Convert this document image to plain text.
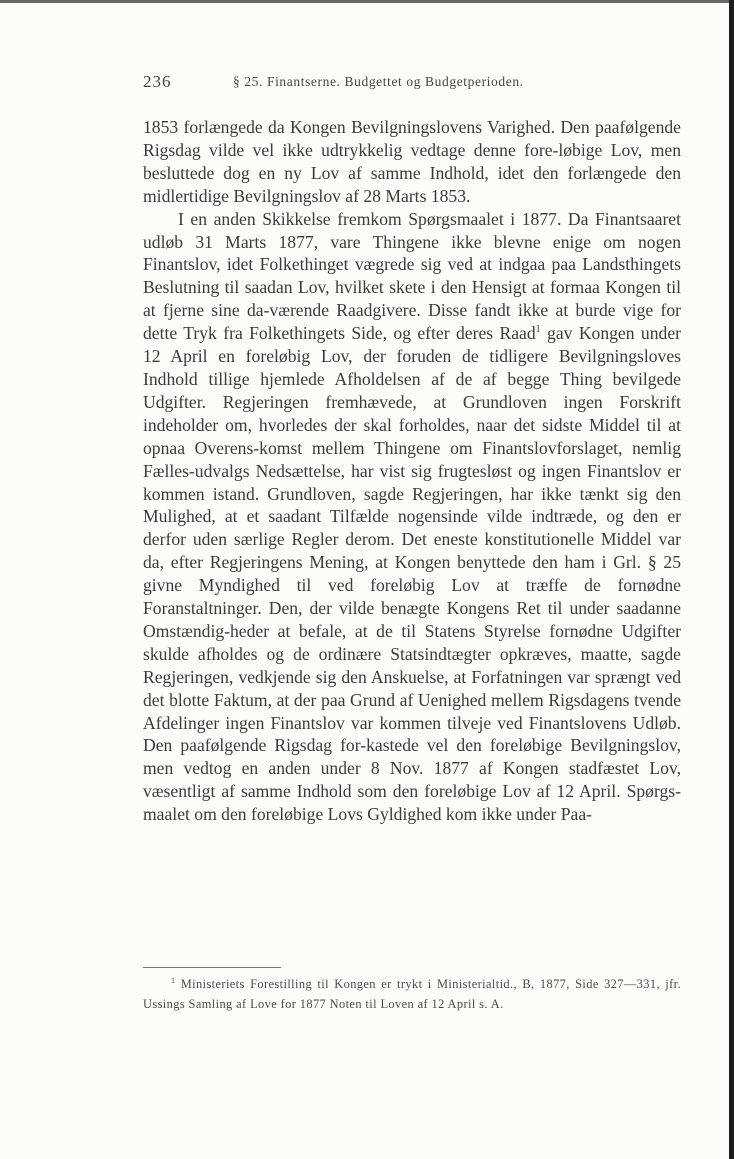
236	§ 25. Finantserne. Budgettet og Budgetperioden.

1853 forlængede da Kongen Bevilgningslovens Varighed. Den paafølgende Rigsdag vilde vel ikke udtrykkelig vedtage denne fore-løbige Lov, men besluttede dog en ny Lov af samme Indhold, idet den forlængede den midlertidige Bevilgningslov af 28 Marts 1853.

I en anden Skikkelse fremkom Spørgsmaalet i 1877. Da Finantsaaret udløb 31 Marts 1877, vare Thingene ikke blevne enige om nogen Finantslov, idet Folkethinget vægrede sig ved at indgaa paa Landsthingets Beslutning til saadan Lov, hvilket skete i den Hensigt at formaa Kongen til at fjerne sine da-værende Raadgivere. Disse fandt ikke at burde vige for dette Tryk fra Folkethingets Side, og efter deres Raad$^1$ gav Kongen under 12 April en foreløbig Lov, der foruden de tidligere Bevilgningsloves Indhold tillige hjemlede Afholdelsen af de af begge Thing bevilgede Udgifter. Regjeringen fremhævede, at Grundloven ingen Forskrift indeholder om, hvorledes der skal forholdes, naar det sidste Middel til at opnaa Overens-komst mellem Thingene om Finantslovforslaget, nemlig Fælles-udvalgs Nedsættelse, har vist sig frugtesløst og ingen Finantslov er kommen istand. Grundloven, sagde Regjeringen, har ikke tænkt sig den Mulighed, at et saadant Tilfælde nogensinde vilde indtræde, og den er derfor uden særlige Regler derom. Det eneste konstitutionelle Middel var da, efter Regjeringens Mening, at Kongen benyttede den ham i Grl. § 25 givne Myndighed til ved foreløbig Lov at træffe de fornødne Foranstaltninger. Den, der vilde benægte Kongens Ret til under saadanne Omstændig-heder at befale, at de til Statens Styrelse fornødne Udgifter skulde afholdes og de ordinære Statsindtægter opkræves, maatte, sagde Regjeringen, vedkjende sig den Anskuelse, at Forfatningen var sprængt ved det blotte Faktum, at der paa Grund af Uenighed mellem Rigsdagens tvende Afdelinger ingen Finantslov var kommen tilveje ved Finantslovens Udløb. Den paafølgende Rigsdag for-kastede vel den foreløbige Bevilgningslov, men vedtog en anden under 8 Nov. 1877 af Kongen stadfæstet Lov, væsentligt af samme Indhold som den foreløbige Lov af 12 April. Spørgs-maalet om den foreløbige Lovs Gyldighed kom ikke under Paa-

$^1$ Ministeriets Forestilling til Kongen er trykt i Ministerialtid., B, 1877, Side 327—331, jfr. Ussings Samling af Love for 1877 Noten til Loven af 12 April s. A.
